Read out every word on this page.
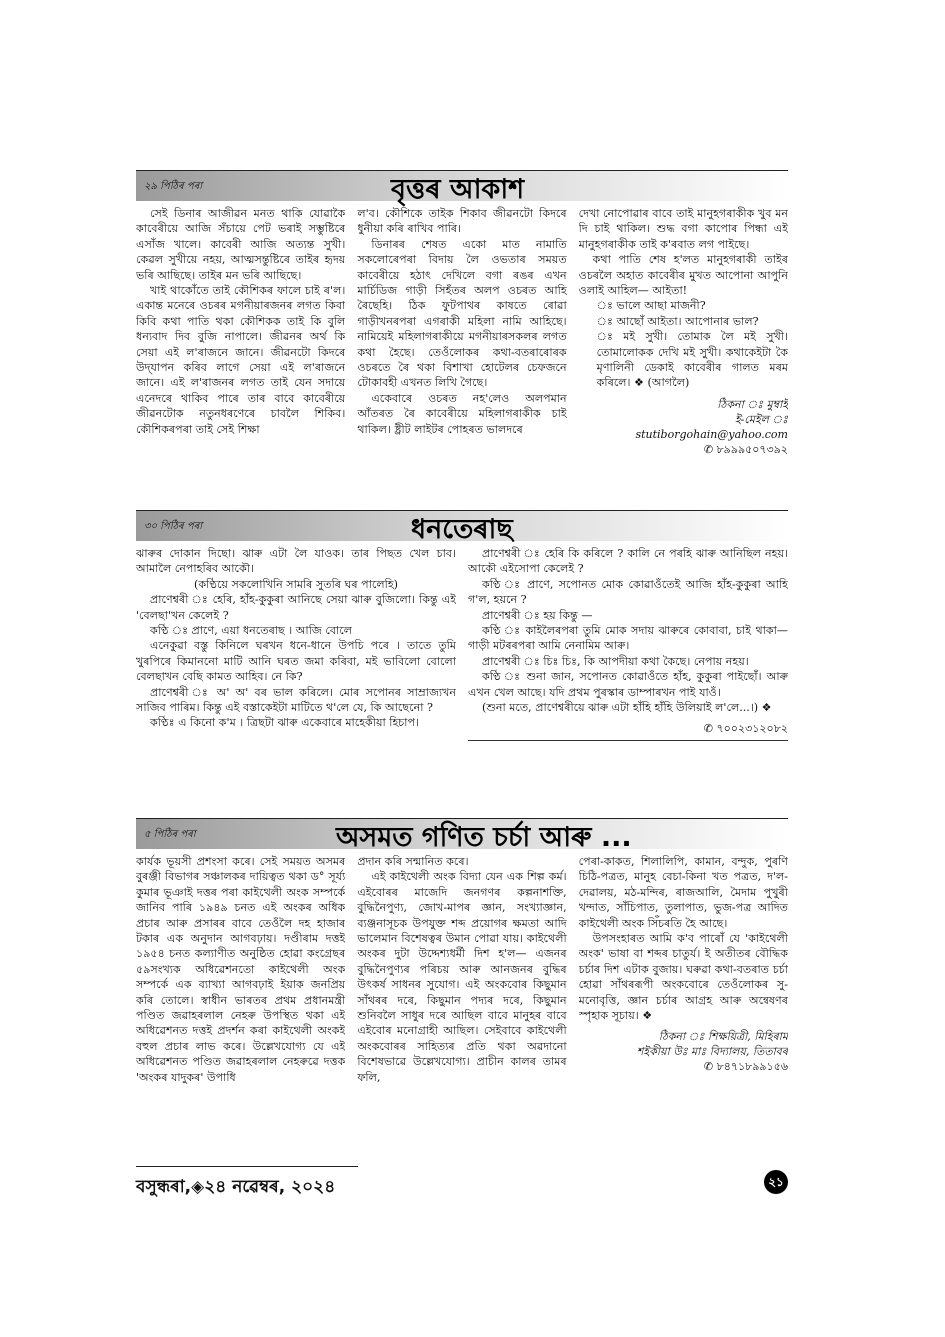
২৯ পিঠিৰ পৰা	বৃত্তৰ আকাশ

সেই ডিনাৰ আজীৱন মনত থাকি যোৱাকৈ কাবেৰীয়ে আজি সঁচায়ে পেট ভৰাই সম্ভুষ্টিৰে এসাঁজ খালে। কাবেৰী আজি অত্যন্ত সুখী। কেৱল সুখীয়ে নহয়, আত্মসন্তুষ্টিৰে তাইৰ হৃদয় ভৰি আছিছে। তাইৰ মন ভৰি আছিছে।

খাই থাকোঁতে তাই কৌশিকৰ ফালে চাই ৰ'ল। একান্ত মনেৰে ওচৰৰ মগনীয়াৰজনৰ লগত কিবা কিবি কথা পাতি থকা কৌশিকক তাই কি বুলি ধন্যবাদ দিব বুজি নাপালে। জীৱনৰ অৰ্থ কি সেয়া এই ল'ৰাজনে জানে। জীৱনটো কিদৰে উদ্‌যাপন কৰিব লাগে সেয়া এই ল'ৰাজনে জানে। এই ল'ৰাজনৰ লগত তাই যেন সদায়ে এনেদৰে থাকিব পাৰে তাৰ বাবে কাবেৰীয়ে জীৱনটোক নতুনধৰণেৰে চাবলৈ শিকিব। কৌশিকৰপৰা তাই সেই শিক্ষা

ল'ব। কৌশিকে তাইক শিকাব জীৱনটো কিদৰে ধুনীয়া কৰি ৰাখিব পাৰি।

ডিনাৰৰ শেষত একো মাত নামাতি সকলোৰেপৰা বিদায় লৈ ওভতাৰ সময়ত কাবেৰীয়ে হঠাৎ দেখিলে বগা ৰঙৰ এখন মাৰ্চিডিজ গাড়ী সিহঁতৰ অলপ ওচৰত আহি ৰৈছেহি। ঠিক ফুটপাথৰ কাষতে ৰোৱা গাড়ীখনৰপৰা এগৰাকী মহিলা নামি আহিছে। নামিয়েই মহিলাগৰাকীয়ে মগনীয়াৰসকলৰ লগত কথা হৈছে। তেওঁলোকৰ কথা-বতৰাৰোৰক ওচৰতে ৰৈ থকা বিশাখা হোটেলৰ চেফজনে টোকাবহী এখনত লিখি গৈছে।

একেবাৰে ওচৰত নহ'লেও অলপমান আঁতৰত ৰৈ কাবেৰীয়ে মহিলাগৰাকীক চাই থাকিল। ষ্ট্ৰীট লাইটৰ পোহৰত ভালদৰে

দেখা নোপোৱাৰ বাবে তাই মানুহগৰাকীক খুব মন দি চাই থাকিল। শুদ্ধ বগা কাপোৰ পিন্ধা এই মানুহগৰাকীক তাই ক'ৰবাত লগ পাইছে।

কথা পাতি শেষ হ'লত মানুহগৰাকী তাইৰ ওচৰলৈ অহাত কাবেৰীৰ মুখত আপোনা আপুনি ওলাই আহিল— আইতা!

ঃ ভালে আছা মাজনী?

ঃ আছোঁ আইতা। আপোনাৰ ভাল?

ঃ মই সুখী। তোমাক লৈ মই সুখী। তোমালোকক দেখি মই সুখী। কথাকেইটা কৈ মৃণালিনী ডেকাই কাবেৰীৰ গালত মৰম কৰিলে। ❖ (আগলৈ)

ঠিকনা ঃ মুম্বাই
ই-মেইল ঃ
stutiborgohain@yahoo.com
✆ ৮৯৯৯৫০৭৩৯২
৩০ পিঠিৰ পৰা	ধনতেৰাছ

ঝাৰুৰ দোকান দিছো। ঝাৰু এটা লৈ যাওক। তাৰ পিছত খেল চাব। আমালৈ নেপাহৰিব আকৌ।

(কণ্ঠিয়ে সকলোখিনি সামৰি সুতৰি ঘৰ পালেহি)

প্ৰাণেশ্বৰী ঃ হেৰি, হাঁহ-কুকুৰা আনিছে সেয়া ঝাৰু বুজিলো। কিন্তু এই 'বেলছা'খন কেলেই ?

কণ্ঠি ঃ প্ৰাণে, এয়া ধনতেৰাছ । আজি বোলে

এনেকুৱা বস্তু কিনিলে ঘৰখন ধনে-ধানে উপচি পৰে । তাতে তুমি খুৰপিৰে কিমাননো মাটি আনি ঘৰত জমা কৰিবা, মই ভাবিলো বোলো বেলছাখন বেছি কামত আহিব। নে কি?

প্ৰাণেশ্বৰী ঃ অ' অ' বৰ ভাল কৰিলে। মোৰ সপোনৰ সাম্ৰাজ্যখন সাজিব পাৰিম। কিন্তু এই বস্তাকেইটা মাটিতে থ'লে যে, কি আছেনো ?

কণ্ঠিঃ এ কিনো ক'ম । ত্ৰিছটা ঝাৰু একেবাৰে মাহেকীয়া হিচাপ।

প্ৰাণেশ্বৰী ঃ হেৰি কি কৰিলে ? কালি নে পৰহি ঝাৰু আনিছিল নহয়। আকৌ এইসোপা কেলেই ?

কণ্ঠি ঃ প্ৰাণে, সপোনত মোক কোৱাওঁতেই আজি হাঁহ-কুকুৰা আহি গ'ল, হয়নে ?

প্ৰাণেশ্বৰী ঃ হয় কিন্তু —

কণ্ঠি ঃ কাইলৈৰপৰা তুমি মোক সদায় ঝাৰুৰে কোবাবা, চাই থাকা—গাড়ী মটৰৰপৰা আমি নেনামিম আৰু।

প্ৰাণেশ্বৰী ঃ চিঃ চিঃ, কি আপদীয়া কথা কৈছে। নেপায় নহয়।

কণ্ঠি ঃ শুনা জান, সপোনত কোৱাওঁতে হাঁহ, কুকুৰা পাইছোঁ। আৰু এখন খেল আছে। যদি প্ৰথম পুৰস্কাৰ ডাম্পাৰখন পাই যাওঁ।

(শুনা মতে, প্ৰাণেশ্বৰীয়ে ঝাৰু এটা হাঁহি হাঁহি উলিয়াই ল'লে...।) ❖

✆ ৭০০২৩১২০৮২
৫ পিঠিৰ পৰা	অসমত গণিত চৰ্চা আৰু ...

কাৰ্যক ভূয়সী প্ৰশংসা কৰে। সেই সময়ত অসমৰ বুৰঞ্জী বিভাগৰ সঞ্চালকৰ দায়িত্বত থকা ড° সূৰ্য্য কুমাৰ ভূঞাই দত্তৰ পৰা কাইথেলী অংক সম্পৰ্কে জানিব পাৰি ১৯৪৯ চনত এই অংকৰ অধিক প্ৰচাৰ আৰু প্ৰসাৰৰ বাবে তেওঁলৈ দহ হাজাৰ টকাৰ এক অনুদান আগবঢ়ায়। দণ্ডীৰাম দত্তই ১৯৫৪ চনত কল্যাণীত অনুষ্ঠিত হোৱা কংগ্ৰেছৰ ৫৯সংখ্যক অধিৱেশনতো কাইথেলী অংক সম্পৰ্কে এক ব্যাখ্যা আগবঢ়াই ইয়াক জনপ্ৰিয় কৰি তোলে। স্বাধীন ভাৰতৰ প্ৰথম প্ৰধানমন্ত্ৰী পণ্ডিত জৱাহৰলাল নেহৰু উপস্থিত থকা এই অধিৱেশনত দত্তই প্ৰদৰ্শন কৰা কাইথেলী অংকই বহুল প্ৰচাৰ লাভ কৰে। উল্লেখযোগ্য যে এই অধিৱেশনত পণ্ডিত জৱাহৰলাল নেহৰুৱে দত্তক 'অংকৰ যাদুকৰ' উপাধি

প্ৰদান কৰি সন্মানিত কৰে।

এই কাইথেলী অংক বিদ্যা যেন এক শিল্প কৰ্ম। এইবোৰৰ মাজেদি জনগণৰ কল্পনাশক্তি, বুদ্ধিনৈপুণ্য, জোখ-মাপৰ জ্ঞান, সংখ্যাজ্ঞান, ব্যঞ্জনাসূচক উপযুক্ত শব্দ প্ৰয়োগৰ ক্ষমতা আদি ভালেমান বিশেষত্বৰ উমান পোৱা যায়। কাইথেলী অংকৰ দুটা উদ্দেশ্যধৰ্মী দিশ হ'ল— এজনৰ বুদ্ধিনৈপুণ্যৰ পৰিচয় আৰু আনজনৰ বুদ্ধিৰ উৎকৰ্ষ সাধনৰ সুযোগ। এই অংকবোৰ কিছুমান সাঁথৰৰ দৰে, কিছুমান পদ্যৰ দৰে, কিছুমান শুনিবলৈ সাধুৰ দৰে আছিল বাবে মানুহৰ বাবে এইবোৰ মনোগ্ৰাহী আছিল। সেইবাবে কাইথেলী অংকবোৰৰ সাহিত্যৰ প্ৰতি থকা অৱদানো বিশেষভাৱে উল্লেখযোগ্য। প্ৰাচীন কালৰ তামৰ ফলি,

পেৰা-কাকত, শিলালিপি, কামান, বন্দুক, পুৰণি চিঠি-পত্ৰত, মানুহ বেচা-কিনা খত পত্ৰত, দ'ল-দেৱালয়, মঠ-মন্দিৰ, ৰাজআলি, মৈদাম পুখুৰী খন্দাত, সাঁচিপাত, তুলাপাত, ভুজ-পত্ৰ আদিত কাইথেলী অংক সিঁচৰতি হৈ আছে।

উপসংহাৰত আমি ক'ব পাৰোঁ যে 'কাইথেলী অংক' ভাষা বা শব্দৰ চাতুৰ্য। ই অতীতৰ বৌদ্ধিক চৰ্চাৰ দিশ এটাক বুজায়। ঘৰুৱা কথা-বতৰাত চৰ্চা হোৱা সাঁথৰৰূপী অংকবোৰে তেওঁলোকৰ সু-মনোবৃত্তি, জ্ঞান চৰ্চাৰ আগ্ৰহ আৰু অন্বেষণৰ স্পৃহাক সূচায়। ❖

ঠিকনা ঃ শিক্ষয়িত্ৰী, মিহিৰাম
শইকীয়া উঃ মাঃ বিদ্যালয়, তিতাবৰ
✆ ৮৪৭১৮৯৯১৫৬
বসুন্ধৰা,◈২৪ নৱেম্বৰ, ২০২৪	২১
